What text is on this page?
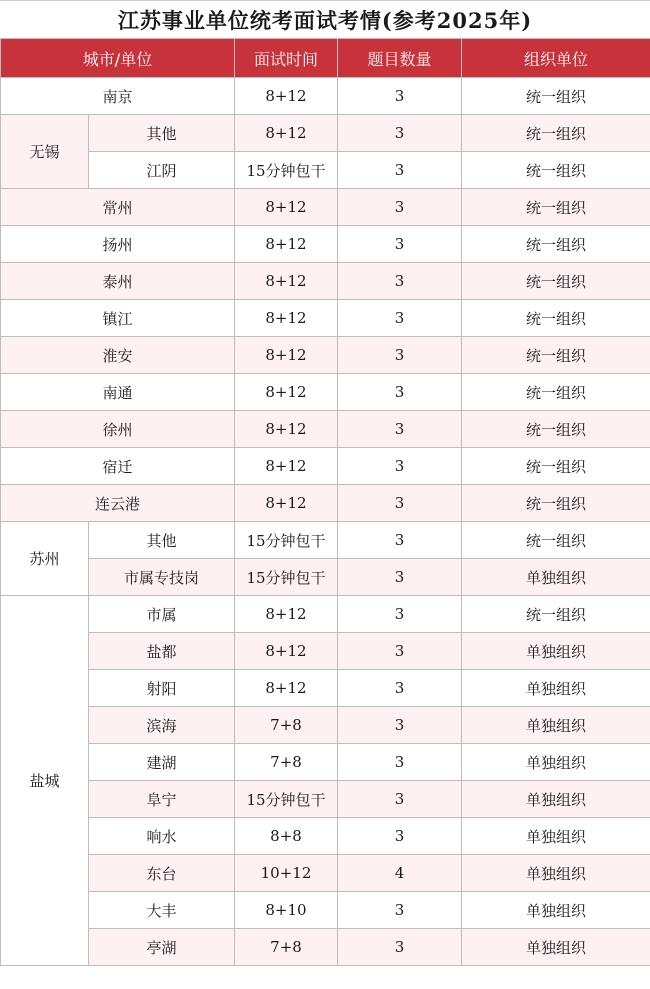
江苏事业单位统考面试考情(参考2025年)
城市/单位		面试时间	题目数量	组织单位
南京		8+12	3	统一组织
无锡	其他	8+12	3	统一组织
	江阴	15分钟包干	3	统一组织
常州		8+12	3	统一组织
扬州		8+12	3	统一组织
泰州		8+12	3	统一组织
镇江		8+12	3	统一组织
淮安		8+12	3	统一组织
南通		8+12	3	统一组织
徐州		8+12	3	统一组织
宿迁		8+12	3	统一组织
连云港		8+12	3	统一组织
苏州	其他	15分钟包干	3	统一组织
	市属专技岗	15分钟包干	3	单独组织
盐城	市属	8+12	3	统一组织
	盐都	8+12	3	单独组织
	射阳	8+12	3	单独组织
	滨海	7+8	3	单独组织
	建湖	7+8	3	单独组织
	阜宁	15分钟包干	3	单独组织
	响水	8+8	3	单独组织
	东台	10+12	4	单独组织
	大丰	8+10	3	单独组织
	亭湖	7+8	3	单独组织
